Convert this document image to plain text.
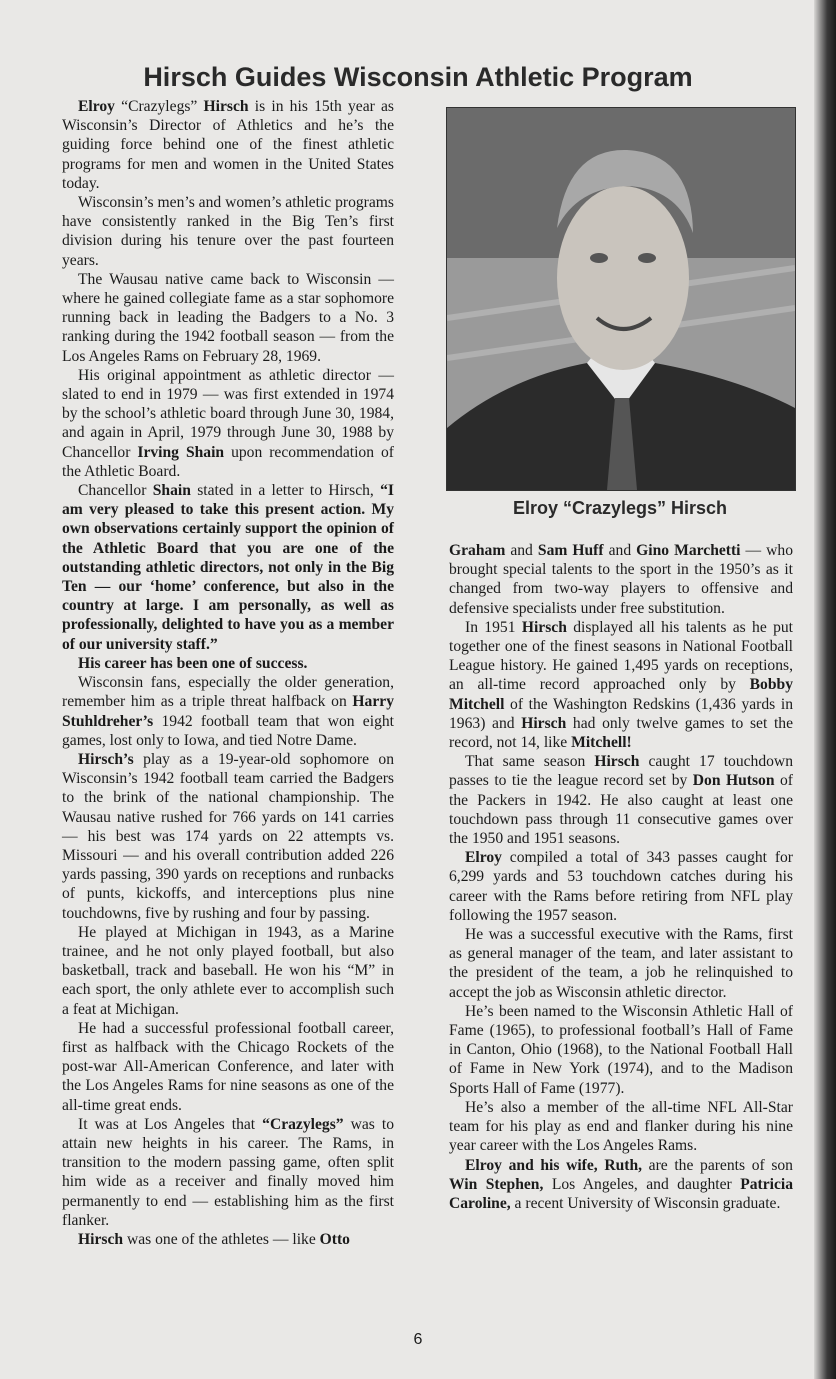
Hirsch Guides Wisconsin Athletic Program

Elroy “Crazylegs” Hirsch is in his 15th year as Wisconsin’s Director of Athletics and he’s the guiding force behind one of the finest athletic programs for men and women in the United States today.

Wisconsin’s men’s and women’s athletic programs have consistently ranked in the Big Ten’s first division during his tenure over the past fourteen years.

The Wausau native came back to Wisconsin — where he gained collegiate fame as a star sophomore running back in leading the Badgers to a No. 3 ranking during the 1942 football season — from the Los Angeles Rams on February 28, 1969.

His original appointment as athletic director — slated to end in 1979 — was first extended in 1974 by the school’s athletic board through June 30, 1984, and again in April, 1979 through June 30, 1988 by Chancellor Irving Shain upon recommendation of the Athletic Board.

Chancellor Shain stated in a letter to Hirsch, “I am very pleased to take this present action. My own observations certainly support the opinion of the Athletic Board that you are one of the outstanding athletic directors, not only in the Big Ten — our ‘home’ conference, but also in the country at large. I am personally, as well as professionally, delighted to have you as a member of our university staff.”

His career has been one of success.

Wisconsin fans, especially the older generation, remember him as a triple threat halfback on Harry Stuhldreher’s 1942 football team that won eight games, lost only to Iowa, and tied Notre Dame.

Hirsch’s play as a 19-year-old sophomore on Wisconsin’s 1942 football team carried the Badgers to the brink of the national championship. The Wausau native rushed for 766 yards on 141 carries — his best was 174 yards on 22 attempts vs. Missouri — and his overall contribution added 226 yards passing, 390 yards on receptions and runbacks of punts, kickoffs, and interceptions plus nine touchdowns, five by rushing and four by passing.

He played at Michigan in 1943, as a Marine trainee, and he not only played football, but also basketball, track and baseball. He won his “M” in each sport, the only athlete ever to accomplish such a feat at Michigan.

He had a successful professional football career, first as halfback with the Chicago Rockets of the post-war All-American Conference, and later with the Los Angeles Rams for nine seasons as one of the all-time great ends.

It was at Los Angeles that “Crazylegs” was to attain new heights in his career. The Rams, in transition to the modern passing game, often split him wide as a receiver and finally moved him permanently to end — establishing him as the first flanker.

Hirsch was one of the athletes — like Otto

Elroy “Crazylegs” Hirsch

Graham and Sam Huff and Gino Marchetti — who brought special talents to the sport in the 1950’s as it changed from two-way players to offensive and defensive specialists under free substitution.

In 1951 Hirsch displayed all his talents as he put together one of the finest seasons in National Football League history. He gained 1,495 yards on receptions, an all-time record approached only by Bobby Mitchell of the Washington Redskins (1,436 yards in 1963) and Hirsch had only twelve games to set the record, not 14, like Mitchell!

That same season Hirsch caught 17 touchdown passes to tie the league record set by Don Hutson of the Packers in 1942. He also caught at least one touchdown pass through 11 consecutive games over the 1950 and 1951 seasons.

Elroy compiled a total of 343 passes caught for 6,299 yards and 53 touchdown catches during his career with the Rams before retiring from NFL play following the 1957 season.

He was a successful executive with the Rams, first as general manager of the team, and later assistant to the president of the team, a job he relinquished to accept the job as Wisconsin athletic director.

He’s been named to the Wisconsin Athletic Hall of Fame (1965), to professional football’s Hall of Fame in Canton, Ohio (1968), to the National Football Hall of Fame in New York (1974), and to the Madison Sports Hall of Fame (1977).

He’s also a member of the all-time NFL All-Star team for his play as end and flanker during his nine year career with the Los Angeles Rams.

Elroy and his wife, Ruth, are the parents of son Win Stephen, Los Angeles, and daughter Patricia Caroline, a recent University of Wisconsin graduate.

6
